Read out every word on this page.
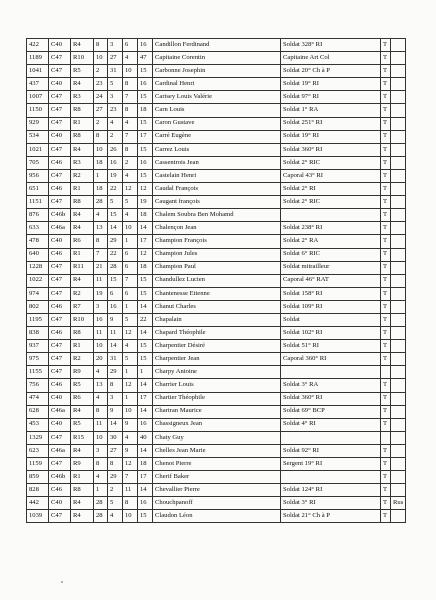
422	C40	R4	8	3	6	16	Candillon Ferdinand	Soldat 328° RI	T	
1189	C47	R10	10	27	4	47	Capitaine Corentin	Capitaine Art Col	T	
1041	C47	R5	2	31	10	15	Carbonne Josephin	Soldat 20° Ch à P	T	
437	C40	R4	23	5	8	16	Cardinal Henri	Soldat 19° RI	T	
1007	C47	R3	24	3	7	15	Carisey Louis Valérie	Soldat 97° RI	T	
1150	C47	R8	27	23	8	18	Carn Louis	Soldat 1° RA	T	
929	C47	R1	2	4	4	15	Caron Gustave	Soldat 251° RI	T	
534	C40	R8	8	2	7	17	Carré Eugène	Soldat 19° RI	T	
1021	C47	R4	10	26	8	15	Carrez Louis	Soldat 360° RI	T	
705	C46	R3	18	16	2	16	Cassentrois Jean	Soldat 2° RIC	T	
956	C47	R2	1	19	4	15	Castelain Henri	Caporal 43° RI	T	
651	C46	R1	18	22	12	12	Caudal François	Soldat 2° RI	T	
1151	C47	R8	28	5	5	19	Caugant françois	Soldat 2° RIC	T	
876	C46b	R4	4	15	4	18	Chalem Soubra Ben Mohamd		T	
633	C46a	R4	13	14	10	14	Chalençon Jean	Soldat 238° RI	T	
478	C40	R6	8	29	1	17	Champion François	Soldat 2° RA	T	
640	C46	R1	7	22	6	12	Champion Jules	Soldat 6° RIC	T	
1228	C47	R11	21	28	6	18	Champion Paul	Soldat mitrailleur	T	
1022	C47	R4	11	15	7	15	Chandullez Lucien	Caporal 46° RAT	T	
974	C47	R2	19	6	6	15	Chantenesse Etienne	Soldat 158° RI	T	
802	C46	R7	3	16	1	14	Chanut Charles	Soldat 109° RI	T	
1195	C47	R10	16	9	5	22	Chapalain	Soldat	T	
838	C46	R8	11	11	12	14	Chapard Théophile	Soldat 102° RI	T	
937	C47	R1	10	14	4	15	Charpentier Désiré	Soldat 51° RI	T	
975	C47	R2	20	31	5	15	Charpentier Jean	Caporal 360° RI	T	
1155	C47	R9	4	29	1	1	Charpy Antoine			
756	C46	R5	13	8	12	14	Charrier Louis	Soldat 3° RA	T	
474	C40	R6	4	3	1	17	Chartier Théophile	Soldat 360° RI	T	
628	C46a	R4	8	9	10	14	Chartran Maurice	Soldat 69° BCP	T	
453	C40	R5	11	14	9	16	Chassigneux Jean	Soldat 4° RI	T	
1329	C47	R15	10	30	4	40	Chaty Guy			
623	C46a	R4	3	27	9	14	Chelles Jean Marie	Soldat 92° RI	T	
1159	C47	R9	8	8	12	18	Chenot Pierre	Sergent 19° RI	T	
859	C46b	R1	4	29	7	17	Cherif Baker		T	
828	C46	R8	1	2	11	14	Chevallier Pierre	Soldat 124° RI	T	
442	C40	R4	28	5	8	16	Chouchpanoff	Soldat 3° RI	T	Rus
1039	C47	R4	28	4	10	15	Claudon Léon	Soldat 21° Ch à P	T	
